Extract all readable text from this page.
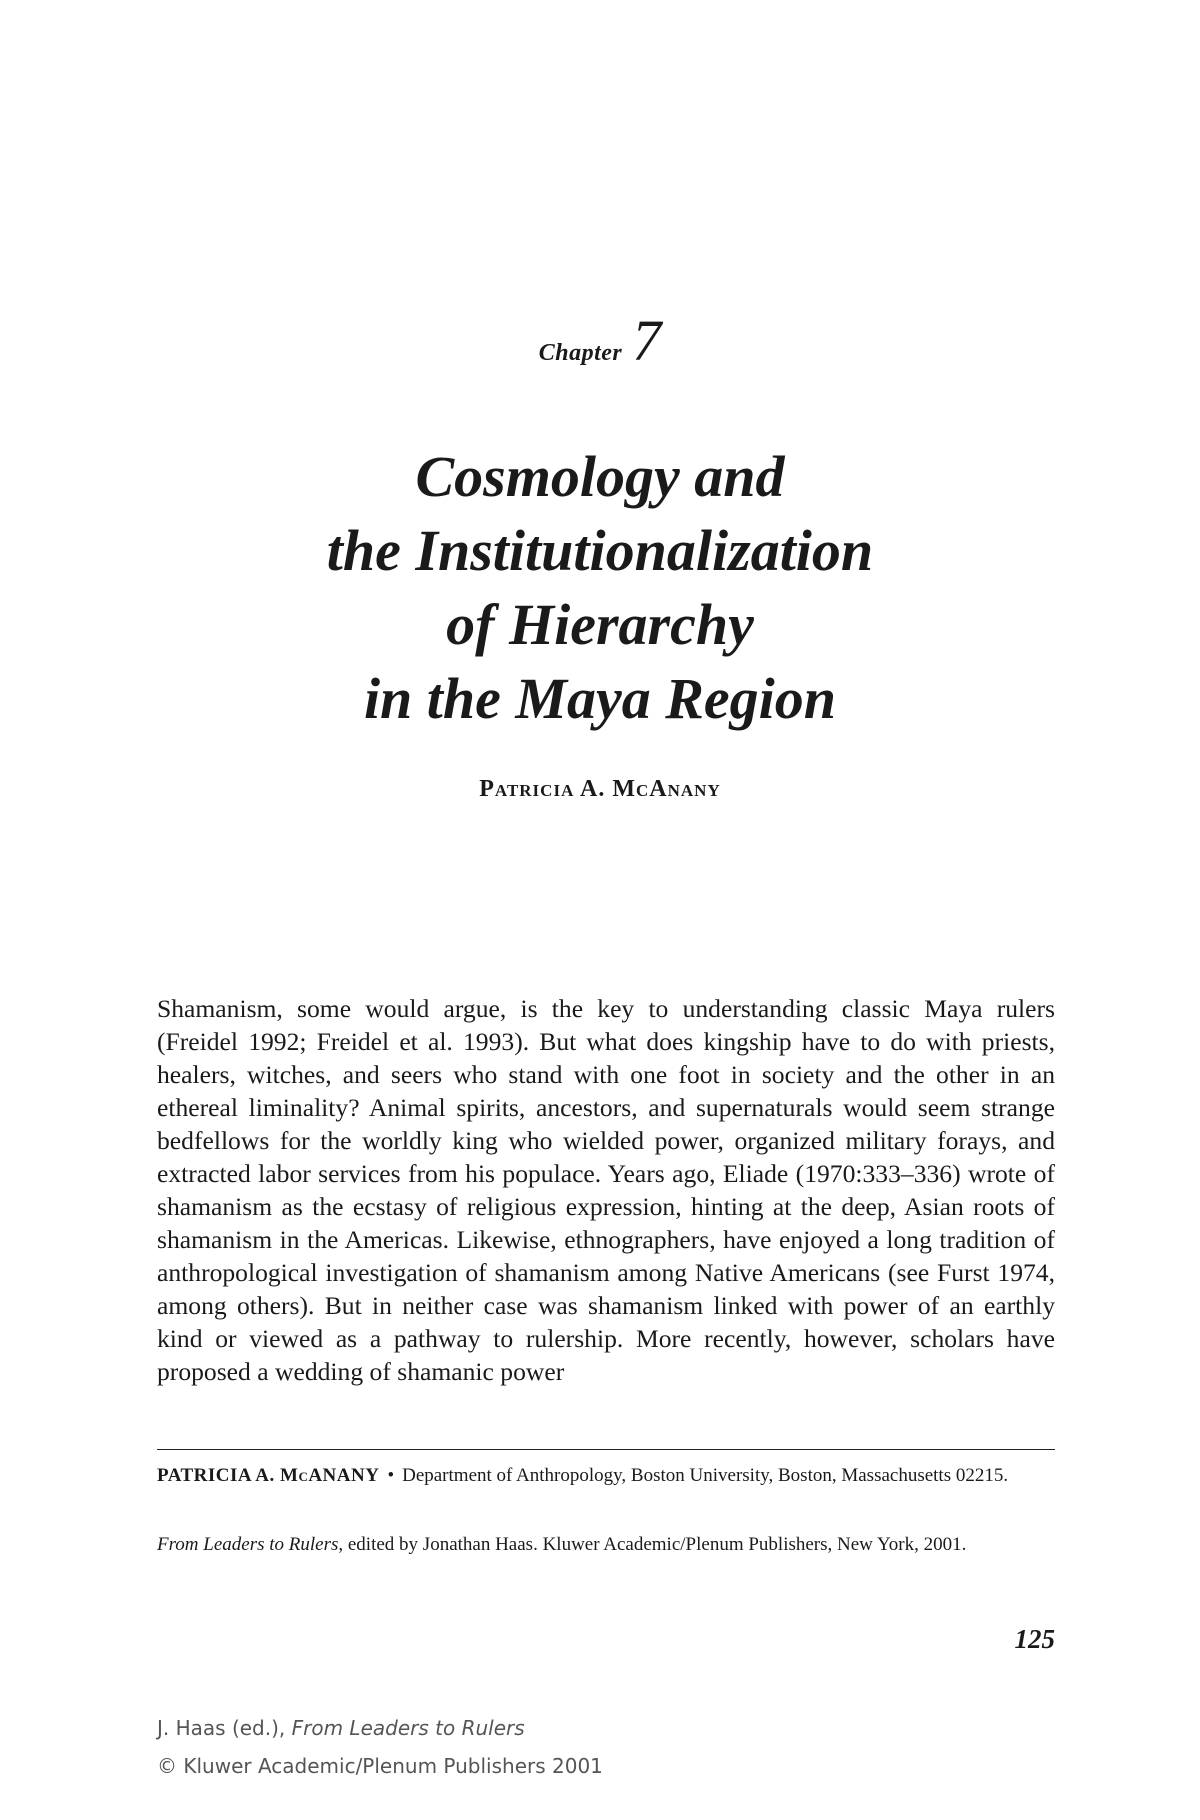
Chapter 7
Cosmology and
the Institutionalization
of Hierarchy
in the Maya Region
Patricia A. McAnany

Shamanism, some would argue, is the key to understanding classic Maya rulers (Freidel 1992; Freidel et al. 1993). But what does kingship have to do with priests, healers, witches, and seers who stand with one foot in society and the other in an ethereal liminality? Animal spirits, ancestors, and supernaturals would seem strange bedfellows for the worldly king who wielded power, organized military forays, and extracted labor services from his populace. Years ago, Eliade (1970:333–336) wrote of shamanism as the ecstasy of religious expression, hinting at the deep, Asian roots of shamanism in the Americas. Likewise, ethnographers, have enjoyed a long tradition of anthropological investigation of shamanism among Native Americans (see Furst 1974, among others). But in neither case was shamanism linked with power of an earthly kind or viewed as a pathway to rulership. More recently, however, scholars have proposed a wedding of shamanic power

PATRICIA A. McANANY • Department of Anthropology, Boston University, Boston, Massachusetts 02215.

From Leaders to Rulers, edited by Jonathan Haas. Kluwer Academic/Plenum Publishers, New York, 2001.

125
J. Haas (ed.), From Leaders to Rulers
© Kluwer Academic/Plenum Publishers 2001
